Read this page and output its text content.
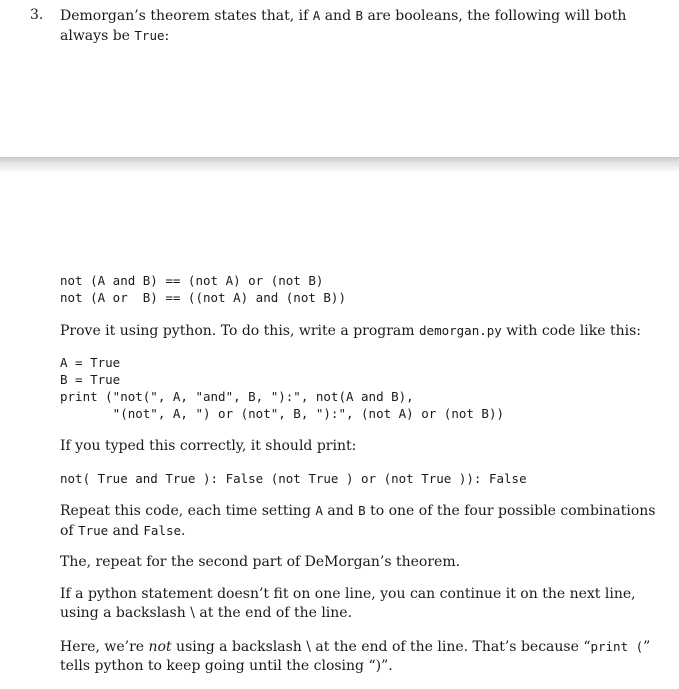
3. Demorgan’s theorem states that, if A and B are booleans, the following will both always be True:
not (A and B) == (not A) or (not B)
not (A or  B) == ((not A) and (not B))
Prove it using python. To do this, write a program demorgan.py with code like this:
A = True
B = True
print ("not(", A, "and", B, "):", not(A and B),
"(not", A, ") or (not", B, "):", (not A) or (not B))
If you typed this correctly, it should print:
not( True and True ): False (not True ) or (not True )): False
Repeat this code, each time setting A and B to one of the four possible combinations of True and False.
The, repeat for the second part of DeMorgan’s theorem.
If a python statement doesn’t fit on one line, you can continue it on the next line, using a backslash \ at the end of the line.
Here, we’re not using a backslash \ at the end of the line. That’s because “print (” tells python to keep going until the closing “)”.
